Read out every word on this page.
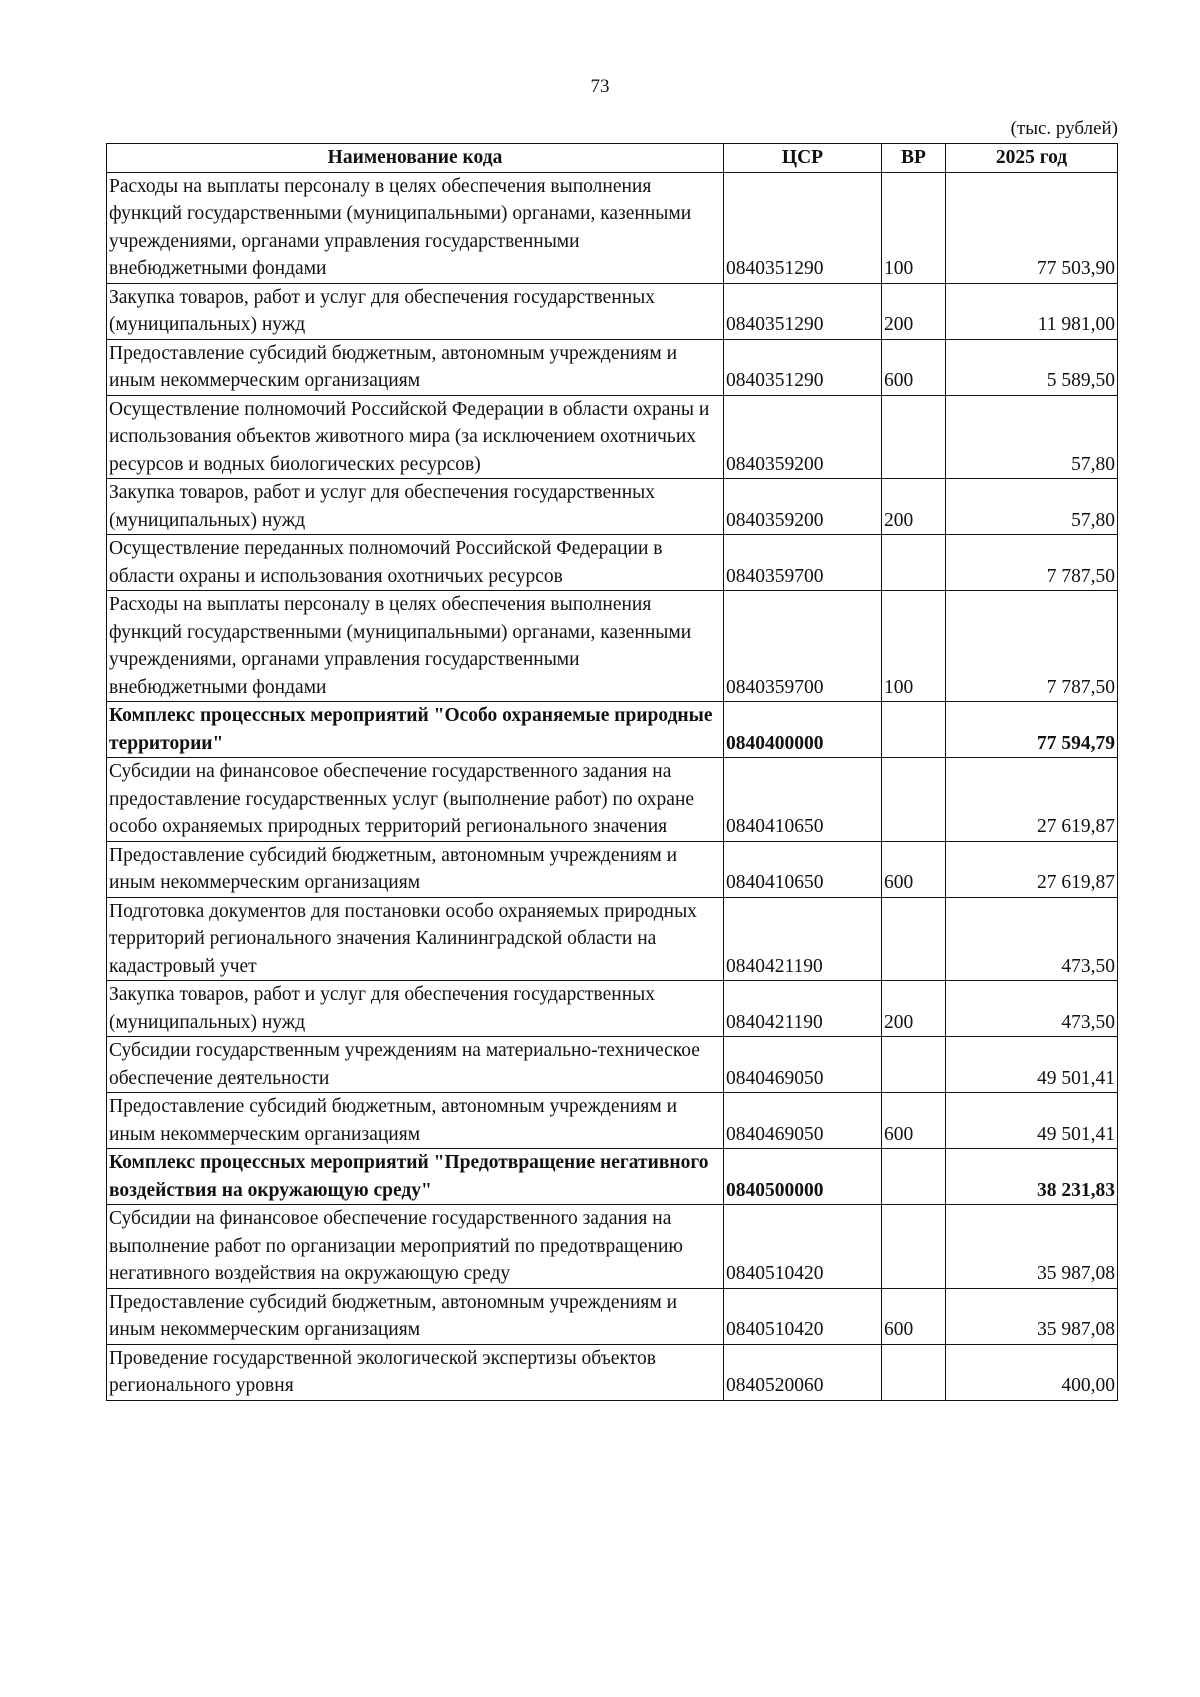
73
(тыс. рублей)
Наименование кода	ЦСР	ВР	2025 год
Расходы на выплаты персоналу в целях обеспечения выполнения функций государственными (муниципальными) органами, казенными учреждениями, органами управления государственными внебюджетными фондами	0840351290	100	77 503,90
Закупка товаров, работ и услуг для обеспечения государственных (муниципальных) нужд	0840351290	200	11 981,00
Предоставление субсидий бюджетным, автономным учреждениям и иным некоммерческим организациям	0840351290	600	5 589,50
Осуществление полномочий Российской Федерации в области охраны и использования объектов животного мира (за исключением охотничьих ресурсов и водных биологических ресурсов)	0840359200		57,80
Закупка товаров, работ и услуг для обеспечения государственных (муниципальных) нужд	0840359200	200	57,80
Осуществление переданных полномочий Российской Федерации в области охраны и использования охотничьих ресурсов	0840359700		7 787,50
Расходы на выплаты персоналу в целях обеспечения выполнения функций государственными (муниципальными) органами, казенными учреждениями, органами управления государственными внебюджетными фондами	0840359700	100	7 787,50
Комплекс процессных мероприятий "Особо охраняемые природные территории"	0840400000		77 594,79
Субсидии на финансовое обеспечение государственного задания на предоставление государственных услуг (выполнение работ) по охране особо охраняемых природных территорий регионального значения	0840410650		27 619,87
Предоставление субсидий бюджетным, автономным учреждениям и иным некоммерческим организациям	0840410650	600	27 619,87
Подготовка документов для постановки особо охраняемых природных территорий регионального значения Калининградской области на кадастровый учет	0840421190		473,50
Закупка товаров, работ и услуг для обеспечения государственных (муниципальных) нужд	0840421190	200	473,50
Субсидии государственным учреждениям на материально-техническое обеспечение деятельности	0840469050		49 501,41
Предоставление субсидий бюджетным, автономным учреждениям и иным некоммерческим организациям	0840469050	600	49 501,41
Комплекс процессных мероприятий "Предотвращение негативного воздействия на окружающую среду"	0840500000		38 231,83
Субсидии на финансовое обеспечение государственного задания на выполнение работ по организации мероприятий по предотвращению негативного воздействия на окружающую среду	0840510420		35 987,08
Предоставление субсидий бюджетным, автономным учреждениям и иным некоммерческим организациям	0840510420	600	35 987,08
Проведение государственной экологической экспертизы объектов регионального уровня	0840520060		400,00
